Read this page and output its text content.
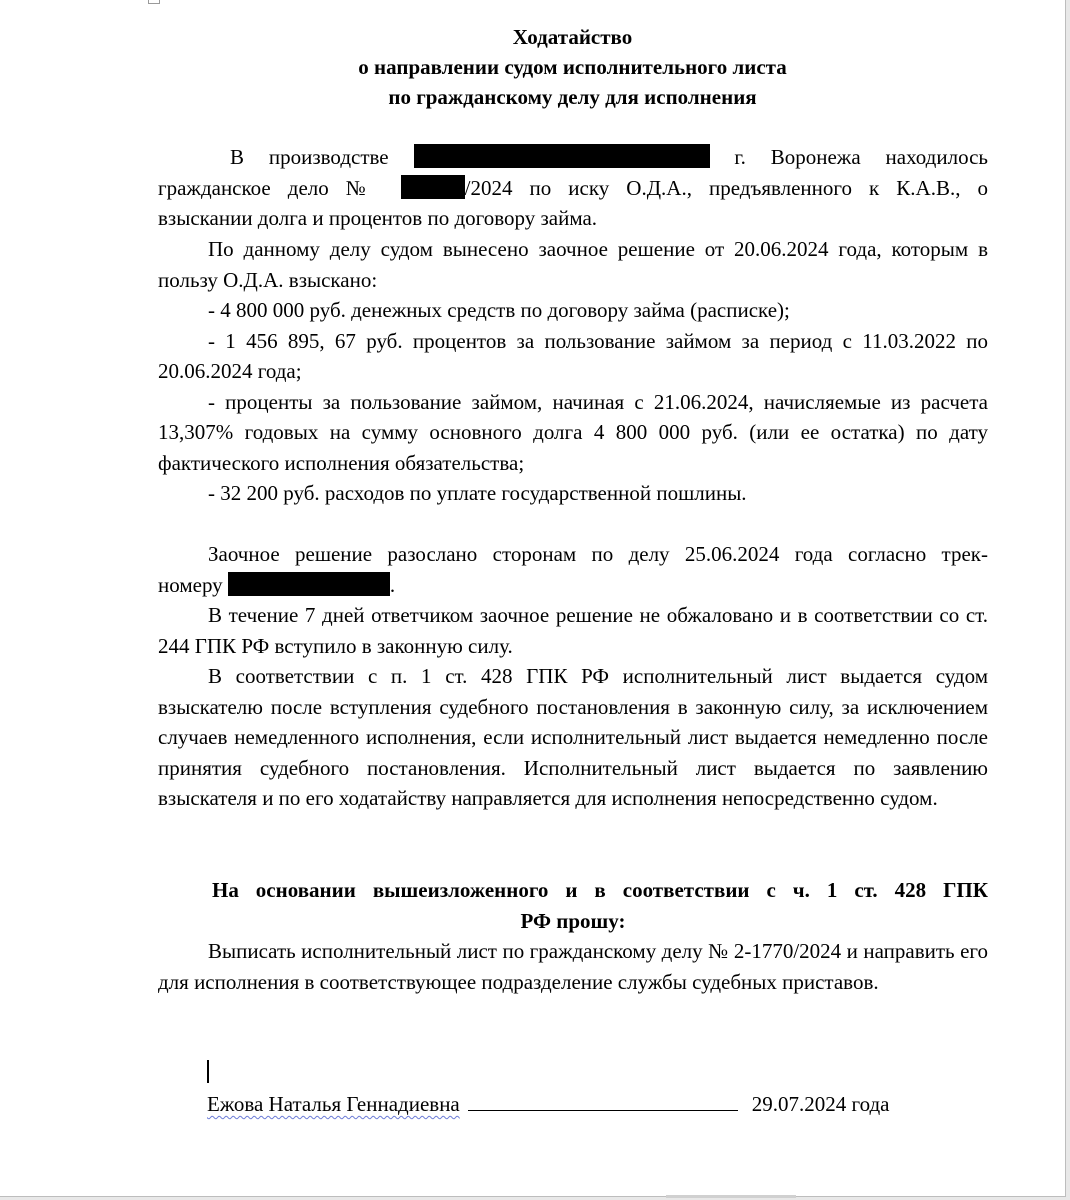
Ходатайство
о направлении судом исполнительного листа
по гражданскому делу для исполнения

В производстве	г. Воронежа находилось

гражданское дело №	/2024 по иску О.Д.А., предъявленного к К.А.В., о

взыскании долга и процентов по договору займа.

По данному делу судом вынесено заочное решение от 20.06.2024 года, которым в пользу О.Д.А. взыскано:

- 4 800 000 руб. денежных средств по договору займа (расписке);

- 1 456 895, 67 руб. процентов за пользование займом за период с 11.03.2022 по 20.06.2024 года;

- проценты за пользование займом, начиная с 21.06.2024, начисляемые из расчета 13,307% годовых на сумму основного долга 4 800 000 руб. (или ее остатка) по дату фактического исполнения обязательства;

- 32 200 руб. расходов по уплате государственной пошлины.

Заочное решение разослано сторонам по делу 25.06.2024 года согласно трек-

номеру	.

В течение 7 дней ответчиком заочное решение не обжаловано и в соответствии со ст. 244 ГПК РФ вступило в законную силу.

В соответствии с п. 1 ст. 428 ГПК РФ исполнительный лист выдается судом взыскателю после вступления судебного постановления в законную силу, за исключением случаев немедленного исполнения, если исполнительный лист выдается немедленно после принятия судебного постановления. Исполнительный лист выдается по заявлению взыскателя и по его ходатайству направляется для исполнения непосредственно судом.

На основании вышеизложенного и в соответствии с ч. 1 ст. 428 ГПК
РФ прошу:

Выписать исполнительный лист по гражданскому делу № 2-1770/2024 и направить его для исполнения в соответствующее подразделение службы судебных приставов.

Ежова Наталья Геннадиевна	29.07.2024 года
